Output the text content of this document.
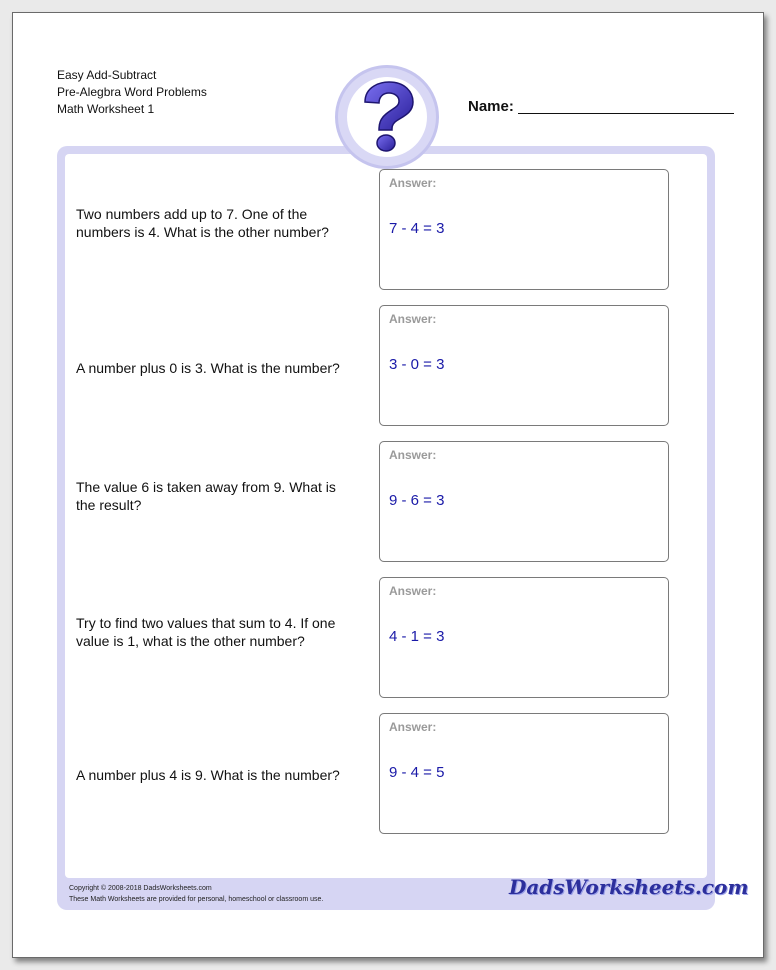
Easy Add-Subtract
Pre-Alegbra Word Problems
Math Worksheet 1	Name:
Two numbers add up to 7. One of the numbers is 4. What is the other number?
Answer:
7 - 4 = 3
A number plus 0 is 3. What is the number?
Answer:
3 - 0 = 3
The value 6 is taken away from 9. What is the result?
Answer:
9 - 6 = 3
Try to find two values that sum to 4. If one value is 1, what is the other number?
Answer:
4 - 1 = 3
A number plus 4 is 9. What is the number?
Answer:
9 - 4 = 5
Copyright © 2008-2018 DadsWorksheets.com
These Math Worksheets are provided for personal, homeschool or classroom use.
DadsWorksheets.com
